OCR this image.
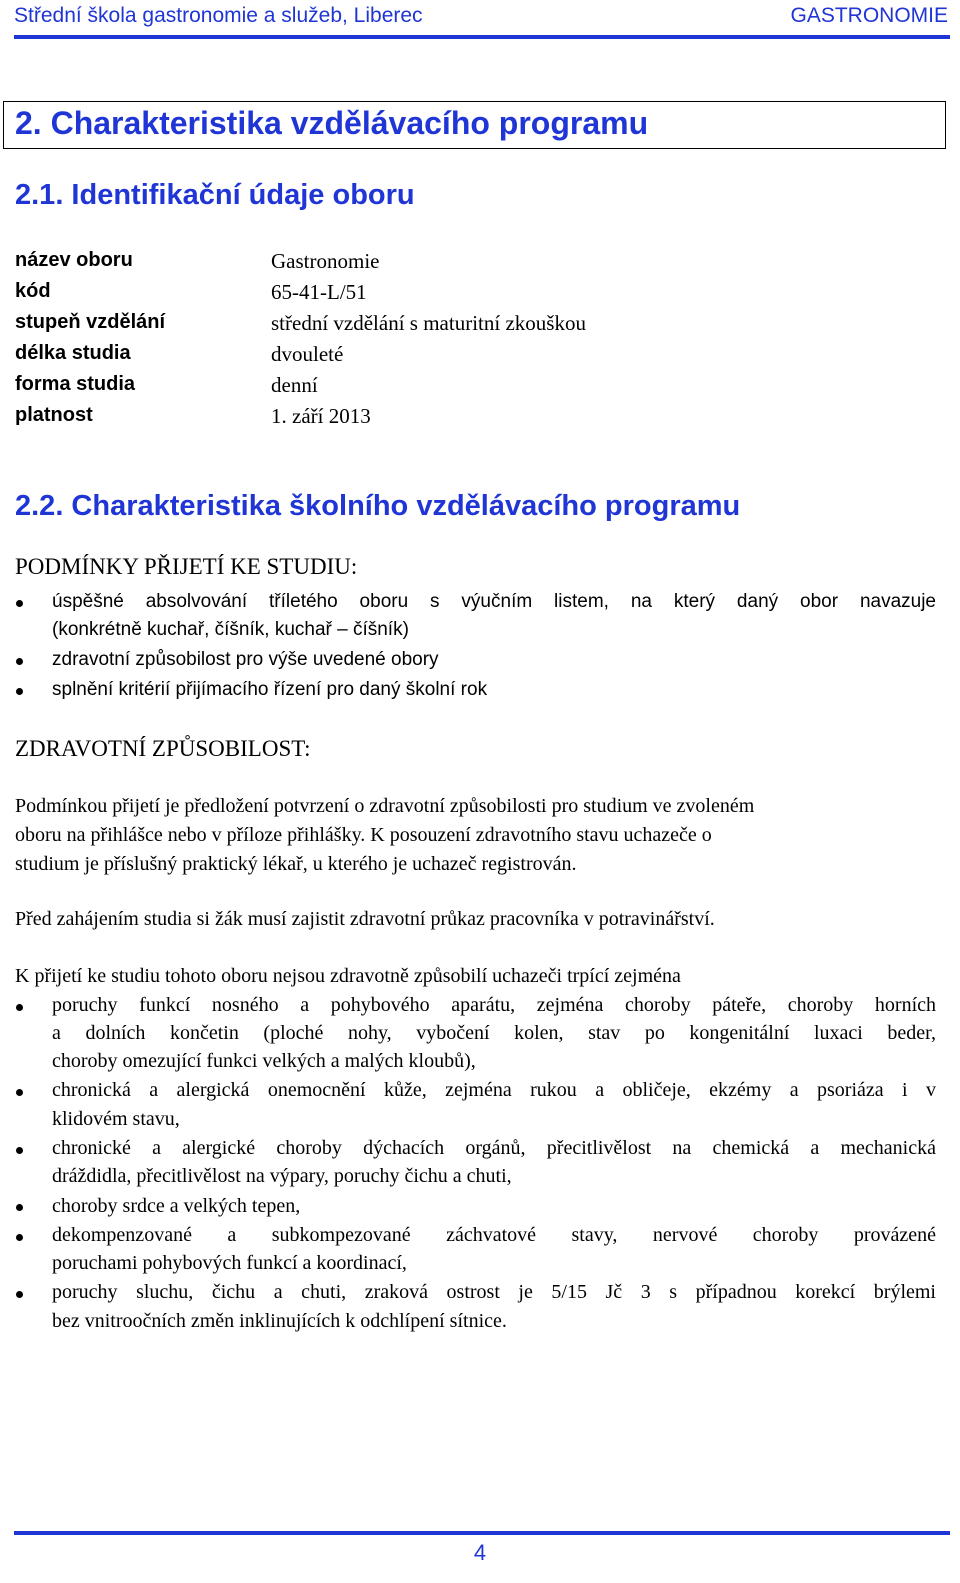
Střední škola gastronomie a služeb, Liberec	GASTRONOMIE
2. Charakteristika vzdělávacího programu
2.1. Identifikační údaje oboru
název oboru	Gastronomie
kód	65-41-L/51
stupeň vzdělání	střední vzdělání s maturitní zkouškou
délka studia	dvouleté
forma studia	denní
platnost	1. září 2013
2.2. Charakteristika školního vzdělávacího programu
PODMÍNKY PŘIJETÍ KE STUDIU:
úspěšné absolvování tříletého oboru s výučním listem, na který daný obor navazuje
(konkrétně kuchař, číšník, kuchař – číšník)
zdravotní způsobilost pro výše uvedené obory
splnění kritérií přijímacího řízení pro daný školní rok
ZDRAVOTNÍ ZPŮSOBILOST:
Podmínkou přijetí je předložení potvrzení o zdravotní způsobilosti pro studium ve zvoleném
oboru na přihlášce nebo v příloze přihlášky. K posouzení zdravotního stavu uchazeče o
studium je příslušný praktický lékař, u kterého je uchazeč registrován.
Před zahájením studia si žák musí zajistit zdravotní průkaz pracovníka v potravinářství.
K přijetí ke studiu tohoto oboru nejsou zdravotně způsobilí uchazeči trpící zejména
poruchy funkcí nosného a pohybového aparátu, zejména choroby páteře, choroby horních
a dolních končetin (ploché nohy, vybočení kolen, stav po kongenitální luxaci beder,
choroby omezující funkci velkých a malých kloubů),
chronická a alergická onemocnění kůže, zejména rukou a obličeje, ekzémy a psoriáza i v
klidovém stavu,
chronické a alergické choroby dýchacích orgánů, přecitlivělost na chemická a mechanická
dráždidla, přecitlivělost na výpary, poruchy čichu a chuti,
choroby srdce a velkých tepen,
dekompenzované a subkompezované záchvatové stavy, nervové choroby provázené
poruchami pohybových funkcí a koordinací,
poruchy sluchu, čichu a chuti, zraková ostrost je 5/15 Jč 3 s případnou korekcí brýlemi
bez vnitroočních změn inklinujících k odchlípení sítnice.
4
